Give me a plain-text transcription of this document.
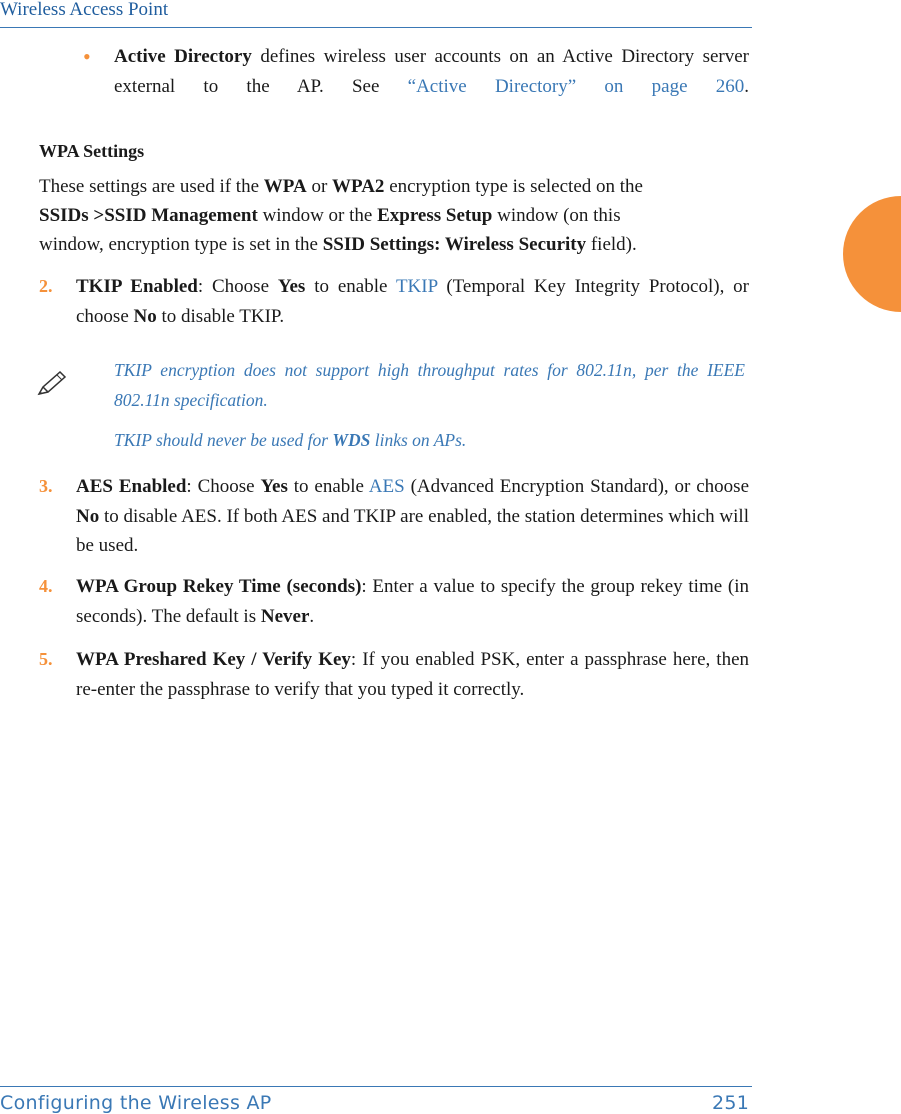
Wireless Access Point
• Active Directory defines wireless user accounts on an Active Directory server external to the AP. See “Active Directory” on page 260.
WPA Settings
These settings are used if the WPA or WPA2 encryption type is selected on the
SSIDs >SSID Management window or the Express Setup window (on this
window, encryption type is set in the SSID Settings: Wireless Security field).
2. TKIP Enabled: Choose Yes to enable TKIP (Temporal Key Integrity Protocol), or choose No to disable TKIP.
TKIP encryption does not support high throughput rates for 802.11n, per the IEEE 802.11n specification.
TKIP should never be used for WDS links on APs.
3. AES Enabled: Choose Yes to enable AES (Advanced Encryption Standard), or choose No to disable AES. If both AES and TKIP are enabled, the station determines which will be used.
4. WPA Group Rekey Time (seconds): Enter a value to specify the group rekey time (in seconds). The default is Never.
5. WPA Preshared Key / Verify Key: If you enabled PSK, enter a passphrase here, then re-enter the passphrase to verify that you typed it correctly.
Configuring the Wireless AP	251
